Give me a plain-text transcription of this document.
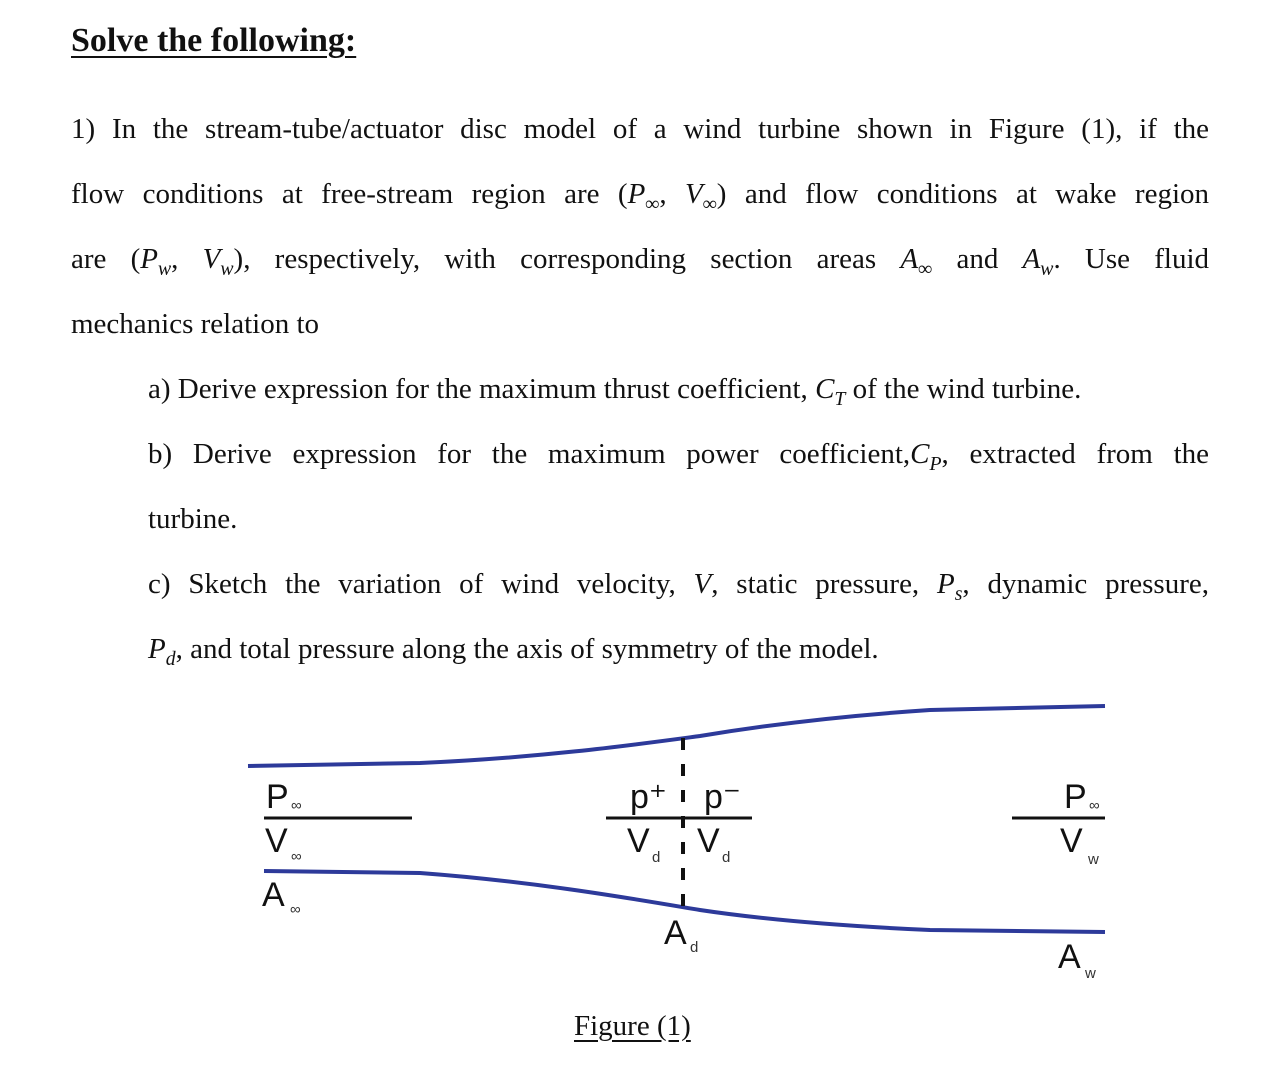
Solve the following:
1) In the stream-tube/actuator disc model of a wind turbine shown in Figure (1), if the
flow conditions at free-stream region are ($P_\infty$, $V_\infty$) and flow conditions at wake region
are ($P_w$, $V_w$), respectively, with corresponding section areas $A_\infty$ and $A_w$. Use fluid
mechanics relation to
a) Derive expression for the maximum thrust coefficient, $C_T$ of the wind turbine.
b) Derive expression for the maximum power $coefficient,C_P$, extracted from the
turbine.
c) Sketch the variation of wind velocity, V, static pressure, $P_s$, dynamic pressure,
$P_d$, and total pressure along the axis of symmetry of the model.
P ∞
V ∞
A ∞
p⁺ p⁻
V d V d
A d
P ∞
V w
A w
Figure (1)
